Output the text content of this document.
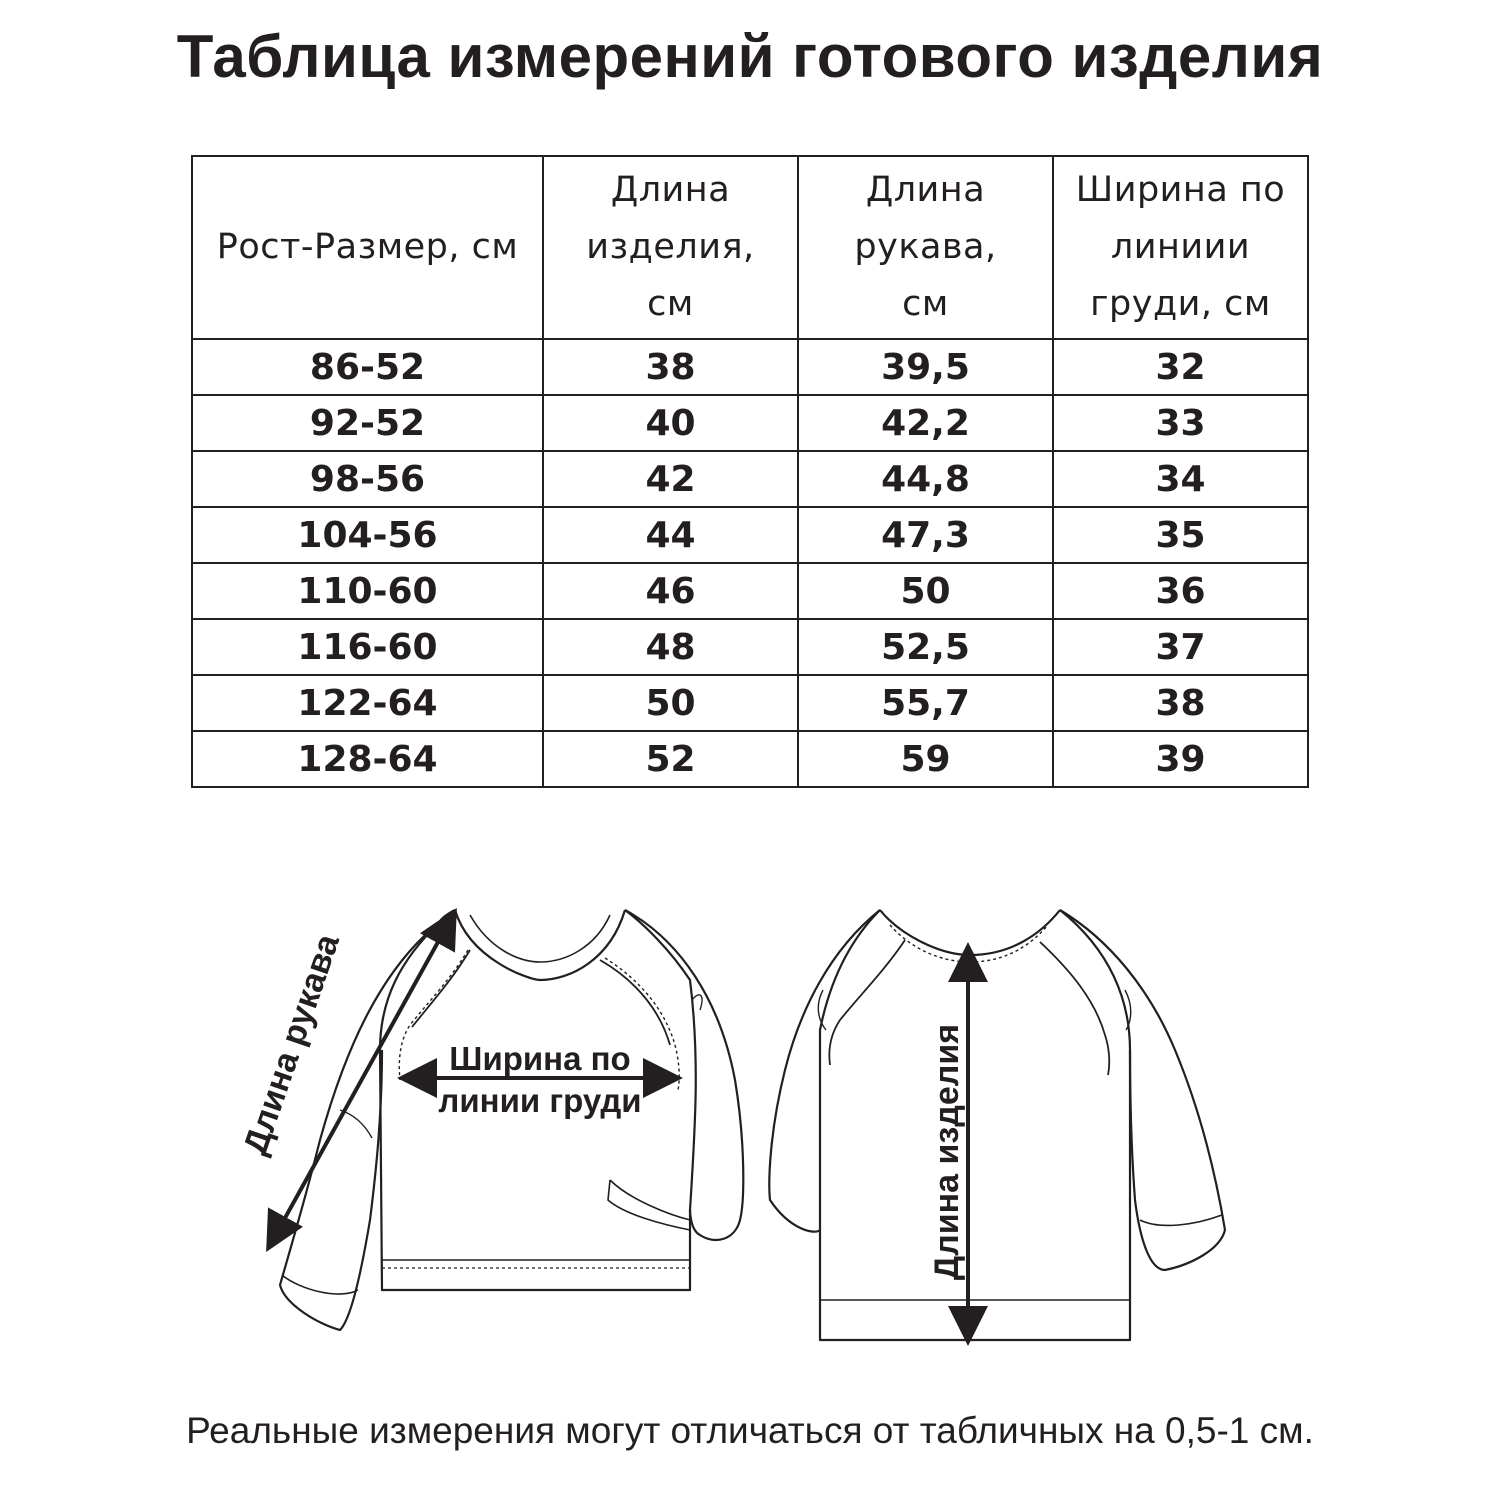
Таблица измерений готового изделия
Рост-Размер, см	Длина изделия, см	Длина рукава, см	Ширина по линиии груди, см
86-52	38	39,5	32
92-52	40	42,2	33
98-56	42	44,8	34
104-56	44	47,3	35
110-60	46	50	36
116-60	48	52,5	37
122-64	50	55,7	38
128-64	52	59	39
Длина рукава	Ширина по
линии груди	Длина изделия

Реальные измерения могут отличаться от табличных на 0,5-1 см.
